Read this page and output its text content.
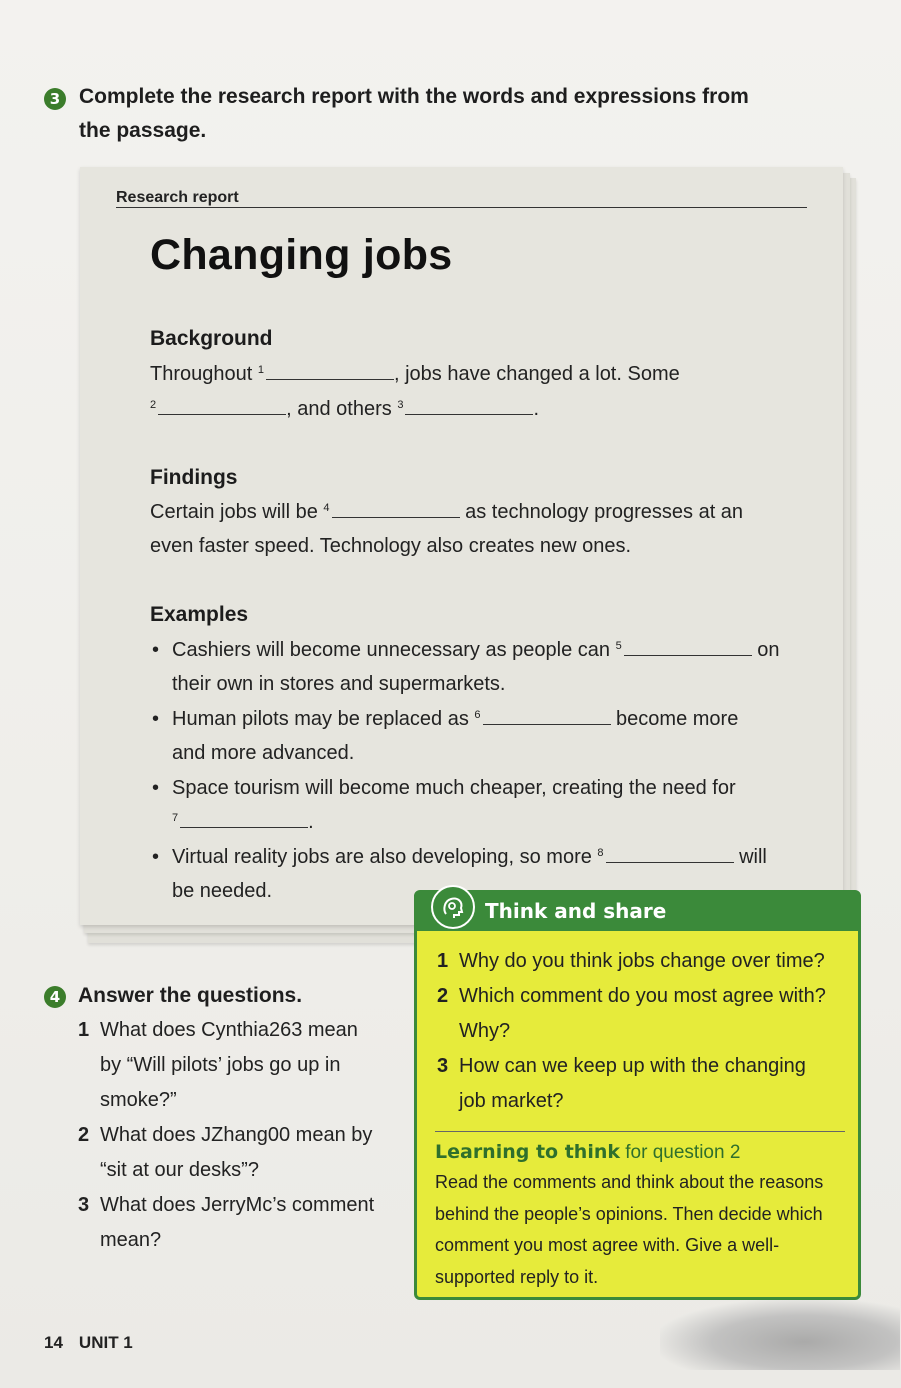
3 Complete the research report with the words and expressions from
the passage.
Research report
Changing jobs
Background
Throughout $^1$	, jobs have changed a lot. Some
$^2$	, and others $^3$	.
Findings
Certain jobs will be $^4$	as technology progresses at an
even faster speed. Technology also creates new ones.
Examples
• Cashiers will become unnecessary as people can $^5$	on
their own in stores and supermarkets.
• Human pilots may be replaced as $^6$	become more
and more advanced.
• Space tourism will become much cheaper, creating the need for
$^7$	.
• Virtual reality jobs are also developing, so more $^8$	will
be needed.
4 Answer the questions.
1 What does Cynthia263 mean
by “Will pilots’ jobs go up in
smoke?”
2 What does JZhang00 mean by
“sit at our desks”?
3 What does JerryMc’s comment
mean?
Think and share
1 Why do you think jobs change over time?
2 Which comment do you most agree with?
Why?
3 How can we keep up with the changing
job market?
Learning to think for question 2
Read the comments and think about the reasons
behind the people’s opinions. Then decide which
comment you most agree with. Give a well-
supported reply to it.
14 UNIT 1
